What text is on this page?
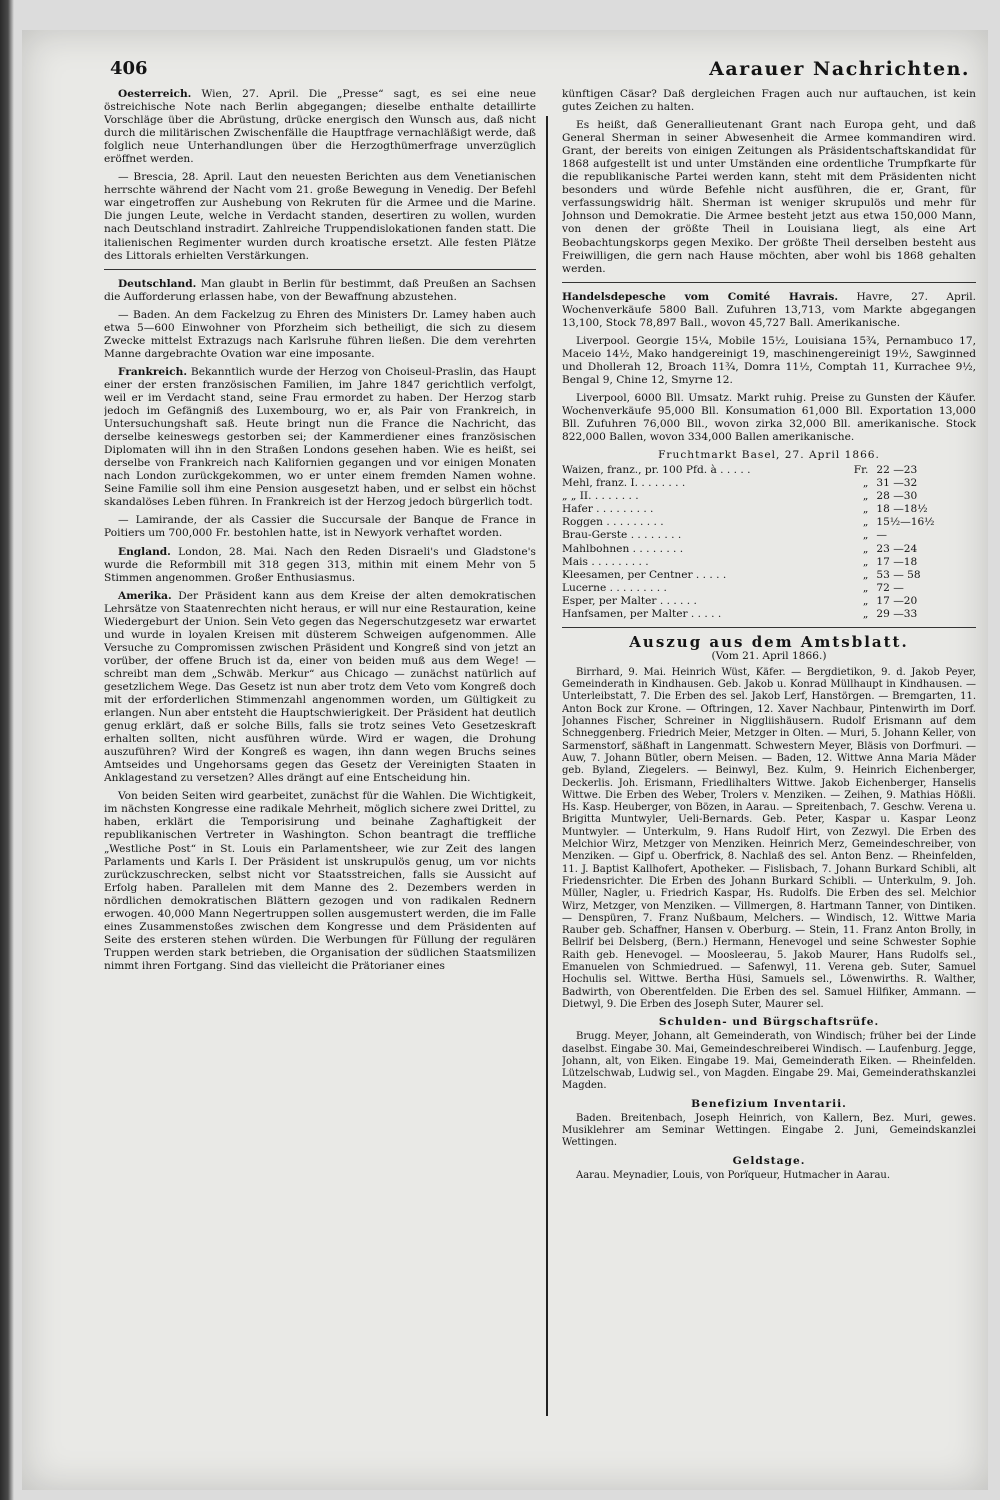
406	Aarauer Nachrichten.

Oesterreich. Wien, 27. April. Die „Presse“ sagt, es sei eine neue östreichische Note nach Berlin abgegangen; dieselbe enthalte detaillirte Vorschläge über die Abrüstung, drücke energisch den Wunsch aus, daß nicht durch die militärischen Zwischenfälle die Hauptfrage vernachläßigt werde, daß folglich neue Unterhandlungen über die Herzogthümerfrage unverzüglich eröffnet werden.

— Brescia, 28. April. Laut den neuesten Berichten aus dem Venetianischen herrschte während der Nacht vom 21. große Bewegung in Venedig. Der Befehl war eingetroffen zur Aushebung von Rekruten für die Armee und die Marine. Die jungen Leute, welche in Verdacht standen, desertiren zu wollen, wurden nach Deutschland instradirt. Zahlreiche Truppendislokationen fanden statt. Die italienischen Regimenter wurden durch kroatische ersetzt. Alle festen Plätze des Littorals erhielten Verstärkungen.

Deutschland. Man glaubt in Berlin für bestimmt, daß Preußen an Sachsen die Aufforderung erlassen habe, von der Bewaffnung abzustehen.

— Baden. An dem Fackelzug zu Ehren des Ministers Dr. Lamey haben auch etwa 5—600 Einwohner von Pforzheim sich betheiligt, die sich zu diesem Zwecke mittelst Extrazugs nach Karlsruhe führen ließen. Die dem verehrten Manne dargebrachte Ovation war eine imposante.

Frankreich. Bekanntlich wurde der Herzog von Choiseul-Praslin, das Haupt einer der ersten französischen Familien, im Jahre 1847 gerichtlich verfolgt, weil er im Verdacht stand, seine Frau ermordet zu haben. Der Herzog starb jedoch im Gefängniß des Luxembourg, wo er, als Pair von Frankreich, in Untersuchungshaft saß. Heute bringt nun die France die Nachricht, das derselbe keineswegs gestorben sei; der Kammerdiener eines französischen Diplomaten will ihn in den Straßen Londons gesehen haben. Wie es heißt, sei derselbe von Frankreich nach Kalifornien gegangen und vor einigen Monaten nach London zurückgekommen, wo er unter einem fremden Namen wohne. Seine Familie soll ihm eine Pension ausgesetzt haben, und er selbst ein höchst skandalöses Leben führen. In Frankreich ist der Herzog jedoch bürgerlich todt.

— Lamirande, der als Cassier die Succursale der Banque de France in Poitiers um 700,000 Fr. bestohlen hatte, ist in Newyork verhaftet worden.

England. London, 28. Mai. Nach den Reden Disraeli's und Gladstone's wurde die Reformbill mit 318 gegen 313, mithin mit einem Mehr von 5 Stimmen angenommen. Großer Enthusiasmus.

Amerika. Der Präsident kann aus dem Kreise der alten demokratischen Lehrsätze von Staatenrechten nicht heraus, er will nur eine Restauration, keine Wiedergeburt der Union. Sein Veto gegen das Negerschutzgesetz war erwartet und wurde in loyalen Kreisen mit düsterem Schweigen aufgenommen. Alle Versuche zu Compromissen zwischen Präsident und Kongreß sind von jetzt an vorüber, der offene Bruch ist da, einer von beiden muß aus dem Wege! — schreibt man dem „Schwäb. Merkur“ aus Chicago — zunächst natürlich auf gesetzlichem Wege. Das Gesetz ist nun aber trotz dem Veto vom Kongreß doch mit der erforderlichen Stimmenzahl angenommen worden, um Gültigkeit zu erlangen. Nun aber entsteht die Hauptschwierigkeit. Der Präsident hat deutlich genug erklärt, daß er solche Bills, falls sie trotz seines Veto Gesetzeskraft erhalten sollten, nicht ausführen würde. Wird er wagen, die Drohung auszuführen? Wird der Kongreß es wagen, ihn dann wegen Bruchs seines Amtseides und Ungehorsams gegen das Gesetz der Vereinigten Staaten in Anklagestand zu versetzen? Alles drängt auf eine Entscheidung hin.

Von beiden Seiten wird gearbeitet, zunächst für die Wahlen. Die Wichtigkeit, im nächsten Kongresse eine radikale Mehrheit, möglich sichere zwei Drittel, zu haben, erklärt die Temporisirung und beinahe Zaghaftigkeit der republikanischen Vertreter in Washington. Schon beantragt die treffliche „Westliche Post“ in St. Louis ein Parlamentsheer, wie zur Zeit des langen Parlaments und Karls I. Der Präsident ist unskrupulös genug, um vor nichts zurückzuschrecken, selbst nicht vor Staatsstreichen, falls sie Aussicht auf Erfolg haben. Parallelen mit dem Manne des 2. Dezembers werden in nördlichen demokratischen Blättern gezogen und von radikalen Rednern erwogen. 40,000 Mann Negertruppen sollen ausgemustert werden, die im Falle eines Zusammenstoßes zwischen dem Kongresse und dem Präsidenten auf Seite des ersteren stehen würden. Die Werbungen für Füllung der regulären Truppen werden stark betrieben, die Organisation der südlichen Staatsmilizen nimmt ihren Fortgang. Sind das vielleicht die Prätorianer eines

künftigen Cäsar? Daß dergleichen Fragen auch nur auftauchen, ist kein gutes Zeichen zu halten.

Es heißt, daß Generallieutenant Grant nach Europa geht, und daß General Sherman in seiner Abwesenheit die Armee kommandiren wird. Grant, der bereits von einigen Zeitungen als Präsidentschaftskandidat für 1868 aufgestellt ist und unter Umständen eine ordentliche Trumpfkarte für die republikanische Partei werden kann, steht mit dem Präsidenten nicht besonders und würde Befehle nicht ausführen, die er, Grant, für verfassungswidrig hält. Sherman ist weniger skrupulös und mehr für Johnson und Demokratie. Die Armee besteht jetzt aus etwa 150,000 Mann, von denen der größte Theil in Louisiana liegt, als eine Art Beobachtungskorps gegen Mexiko. Der größte Theil derselben besteht aus Freiwilligen, die gern nach Hause möchten, aber wohl bis 1868 gehalten werden.

Handelsdepesche vom Comité Havrais. Havre, 27. April. Wochenverkäufe 5800 Ball. Zufuhren 13,713, vom Markte abgegangen 13,100, Stock 78,897 Ball., wovon 45,727 Ball. Amerikanische.

Liverpool. Georgie 15¼, Mobile 15½, Louisiana 15¾, Pernambuco 17, Maceio 14½, Mako handgereinigt 19, maschinengereinigt 19½, Sawginned und Dhollerah 12, Broach 11¾, Domra 11½, Comptah 11, Kurrachee 9½, Bengal 9, Chine 12, Smyrne 12.

Liverpool, 6000 Bll. Umsatz. Markt ruhig. Preise zu Gunsten der Käufer. Wochenverkäufe 95,000 Bll. Konsumation 61,000 Bll. Exportation 13,000 Bll. Zufuhren 76,000 Bll., wovon zirka 32,000 Bll. amerikanische. Stock 822,000 Ballen, wovon 334,000 Ballen amerikanische.

Fruchtmarkt Basel, 27. April 1866.
Waizen, franz., pr. 100 Pfd. à . . . . .	Fr.	22 —23
Mehl, franz. I. . . . . . . .	„	31 —32
„ „ II. . . . . . . .	„	28 —30
Hafer . . . . . . . . .	„	18 —18½
Roggen . . . . . . . . .	„	15½—16½
Brau-Gerste . . . . . . . .	„	—
Mahlbohnen . . . . . . . .	„	23 —24
Mais . . . . . . . . .	„	17 —18
Kleesamen, per Centner . . . . .	„	53 — 58
Lucerne . . . . . . . . .	„	72 —
Esper, per Malter . . . . . .	„	17 —20
Hanfsamen, per Malter . . . . .	„	29 —33
Auszug aus dem Amtsblatt.
(Vom 21. April 1866.)

Birrhard, 9. Mai. Heinrich Wüst, Käfer. — Bergdietikon, 9. d. Jakob Peyer, Gemeinderath in Kindhausen. Geb. Jakob u. Konrad Müllhaupt in Kindhausen. — Unterleibstatt, 7. Die Erben des sel. Jakob Lerf, Hanstörgen. — Bremgarten, 11. Anton Bock zur Krone. — Oftringen, 12. Xaver Nachbaur, Pintenwirth im Dorf. Johannes Fischer, Schreiner in Niggliishäusern. Rudolf Erismann auf dem Schneggenberg. Friedrich Meier, Metzger in Olten. — Muri, 5. Johann Keller, von Sarmenstorf, säßhaft in Langenmatt. Schwestern Meyer, Bläsis von Dorfmuri. — Auw, 7. Johann Bütler, obern Meisen. — Baden, 12. Wittwe Anna Maria Mäder geb. Byland, Ziegelers. — Beinwyl, Bez. Kulm, 9. Heinrich Eichenberger, Deckerlis. Joh. Erismann, Friedlihalters Wittwe. Jakob Eichenberger, Hanselis Wittwe. Die Erben des Weber, Trolers v. Menziken. — Zeihen, 9. Mathias Hößli. Hs. Kasp. Heuberger, von Bözen, in Aarau. — Spreitenbach, 7. Geschw. Verena u. Brigitta Muntwyler, Ueli-Bernards. Geb. Peter, Kaspar u. Kaspar Leonz Muntwyler. — Unterkulm, 9. Hans Rudolf Hirt, von Zezwyl. Die Erben des Melchior Wirz, Metzger von Menziken. Heinrich Merz, Gemeindeschreiber, von Menziken. — Gipf u. Oberfrick, 8. Nachlaß des sel. Anton Benz. — Rheinfelden, 11. J. Baptist Kallhofert, Apotheker. — Fislisbach, 7. Johann Burkard Schibli, alt Friedensrichter. Die Erben des Johann Burkard Schibli. — Unterkulm, 9. Joh. Müller, Nagler, u. Friedrich Kaspar, Hs. Rudolfs. Die Erben des sel. Melchior Wirz, Metzger, von Menziken. — Villmergen, 8. Hartmann Tanner, von Dintiken. — Denspüren, 7. Franz Nußbaum, Melchers. — Windisch, 12. Wittwe Maria Rauber geb. Schaffner, Hansen v. Oberburg. — Stein, 11. Franz Anton Brolly, in Bellrif bei Delsberg, (Bern.) Hermann, Henevogel und seine Schwester Sophie Raith geb. Henevogel. — Moosleerau, 5. Jakob Maurer, Hans Rudolfs sel., Emanuelen von Schmiedrued. — Safenwyl, 11. Verena geb. Suter, Samuel Hochulis sel. Wittwe. Bertha Hüsi, Samuels sel., Löwenwirths. R. Walther, Badwirth, von Oberentfelden. Die Erben des sel. Samuel Hilfiker, Ammann. — Dietwyl, 9. Die Erben des Joseph Suter, Maurer sel.

Schulden- und Bürgschaftsrüfe.

Brugg. Meyer, Johann, alt Gemeinderath, von Windisch; früher bei der Linde daselbst. Eingabe 30. Mai, Gemeindeschreiberei Windisch. — Laufenburg. Jegge, Johann, alt, von Eiken. Eingabe 19. Mai, Gemeinderath Eiken. — Rheinfelden. Lützelschwab, Ludwig sel., von Magden. Eingabe 29. Mai, Gemeinderathskanzlei Magden.

Benefizium Inventarii.

Baden. Breitenbach, Joseph Heinrich, von Kallern, Bez. Muri, gewes. Musiklehrer am Seminar Wettingen. Eingabe 2. Juni, Gemeindskanzlei Wettingen.

Geldstage.

Aarau. Meynadier, Louis, von Porïqueur, Hutmacher in Aarau.
